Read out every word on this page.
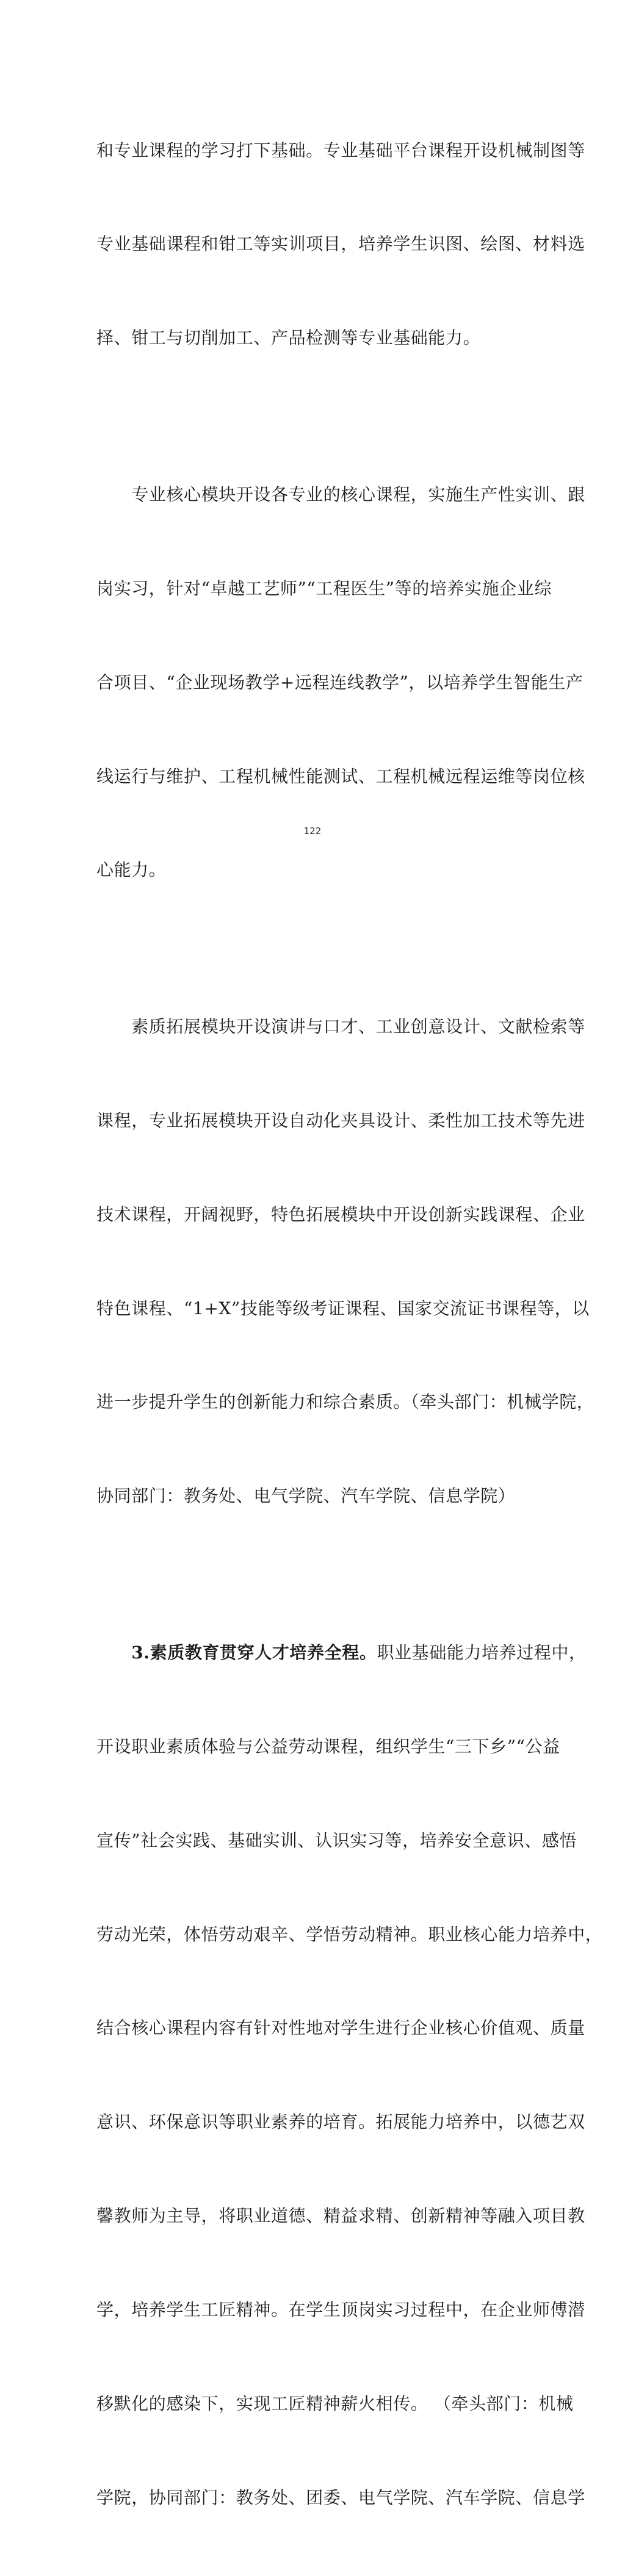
和专业课程的学习打下基础。专业基础平台课程开设机械制图等

专业基础课程和钳工等实训项目，培养学生识图、绘图、材料选

择、钳工与切削加工、产品检测等专业基础能力。

　　专业核心模块开设各专业的核心课程，实施生产性实训、跟

岗实习，针对“卓越工艺师”“工程医生”等的培养实施企业综

合项目、“企业现场教学+远程连线教学”，以培养学生智能生产

线运行与维护、工程机械性能测试、工程机械远程运维等岗位核

心能力。

　　素质拓展模块开设演讲与口才、工业创意设计、文献检索等

课程，专业拓展模块开设自动化夹具设计、柔性加工技术等先进

技术课程，开阔视野，特色拓展模块中开设创新实践课程、企业

特色课程、“1+X”技能等级考证课程、国家交流证书课程等，以

进一步提升学生的创新能力和综合素质。（牵头部门：机械学院，

协同部门：教务处、电气学院、汽车学院、信息学院）

　　3.素质教育贯穿人才培养全程。职业基础能力培养过程中，

开设职业素质体验与公益劳动课程，组织学生“三下乡”“公益

宣传”社会实践、基础实训、认识实习等，培养安全意识、感悟

劳动光荣，体悟劳动艰辛、学悟劳动精神。职业核心能力培养中，

结合核心课程内容有针对性地对学生进行企业核心价值观、质量

意识、环保意识等职业素养的培育。拓展能力培养中，以德艺双

馨教师为主导，将职业道德、精益求精、创新精神等融入项目教

学，培养学生工匠精神。在学生顶岗实习过程中，在企业师傅潜

移默化的感染下，实现工匠精神薪火相传。 （牵头部门：机械

学院，协同部门：教务处、团委、电气学院、汽车学院、信息学

122
